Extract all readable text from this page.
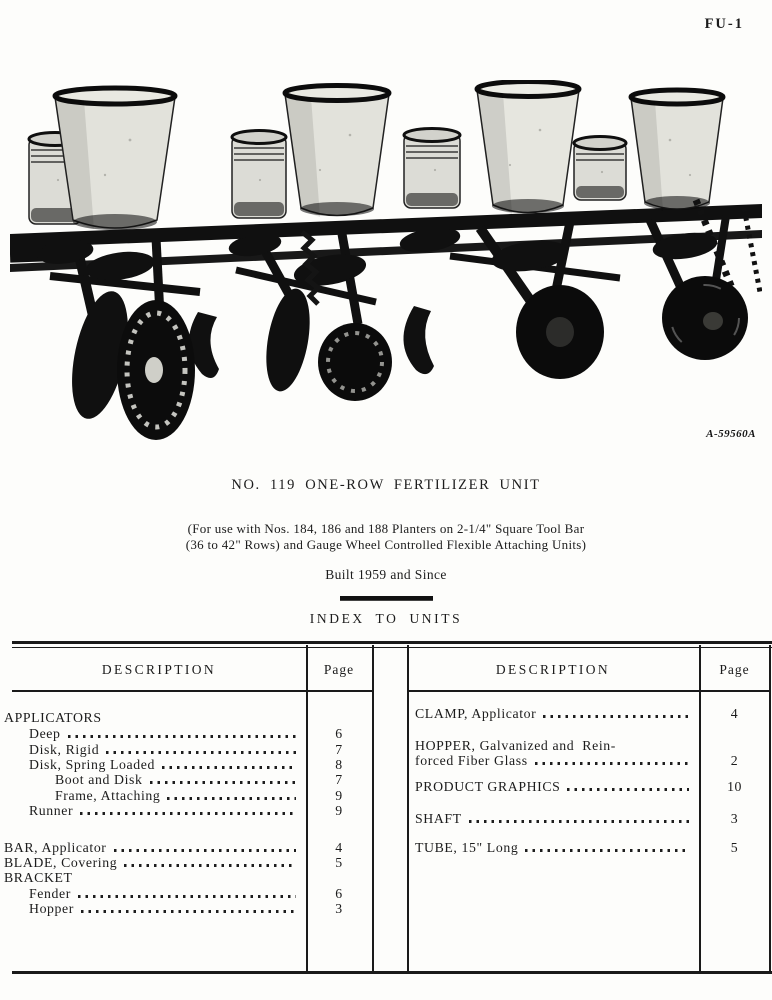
FU-1
A-59560A
NO. 119 ONE-ROW FERTILIZER UNIT
(For use with Nos. 184, 186 and 188 Planters on 2-1/4" Square Tool Bar
(36 to 42" Rows) and Gauge Wheel Controlled Flexible Attaching Units)
Built 1959 and Since
INDEX TO UNITS
DESCRIPTION	Page	DESCRIPTION	Page
APPLICATORS
Deep	6
Disk, Rigid	7
Disk, Spring Loaded	8
Boot and Disk	7
Frame, Attaching	9
Runner	9
BAR, Applicator	4
BLADE, Covering	5
BRACKET
Fender	6
Hopper	3
CLAMP, Applicator	4
HOPPER, Galvanized and  Rein-
forced Fiber Glass	2
PRODUCT GRAPHICS	10
SHAFT	3
TUBE, 15" Long	5
